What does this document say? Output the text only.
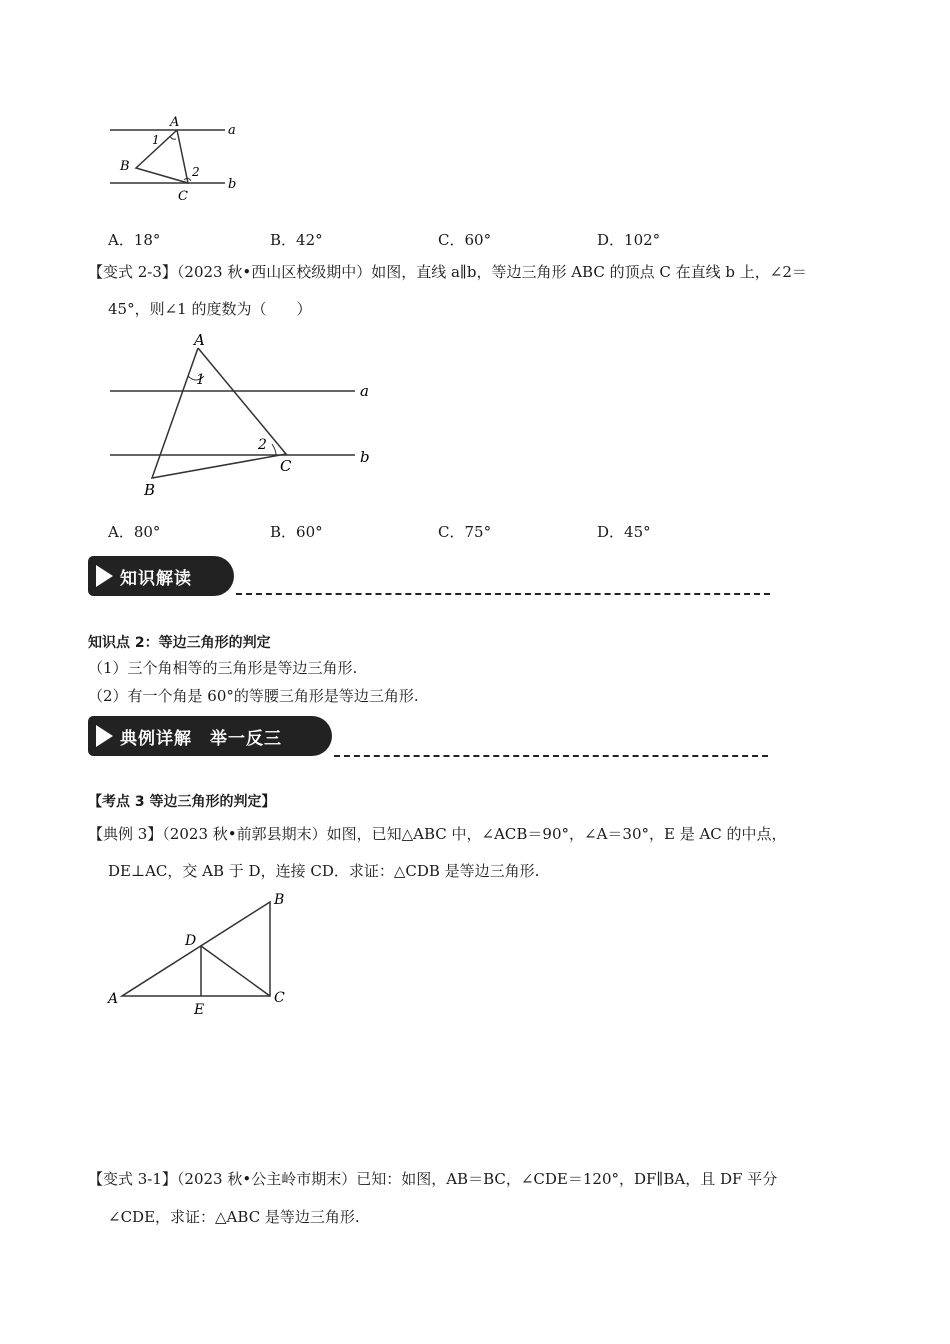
A
B
C
a
b
1
2
A．18°	B．42°	C．60°	D．102°
【变式 2-3】（2023 秋•西山区校级期中）如图，直线 a∥b，等边三角形 ABC 的顶点 C 在直线 b 上，∠2＝
45°，则∠1 的度数为（　　）
A
B
C
a
b
1
2
A．80°	B．60°	C．75°	D．45°
知识解读
知识点 2：等边三角形的判定
（1）三个角相等的三角形是等边三角形.
（2）有一个角是 60°的等腰三角形是等边三角形.
典例详解　举一反三
【考点 3 等边三角形的判定】
【典例 3】（2023 秋•前郭县期末）如图，已知△ABC 中，∠ACB＝90°，∠A＝30°，E 是 AC 的中点，
DE⊥AC，交 AB 于 D，连接 CD．求证：△CDB 是等边三角形.
B
D
A
E
C
【变式 3-1】（2023 秋•公主岭市期末）已知：如图，AB＝BC，∠CDE＝120°，DF∥BA，且 DF 平分
∠CDE，求证：△ABC 是等边三角形.
